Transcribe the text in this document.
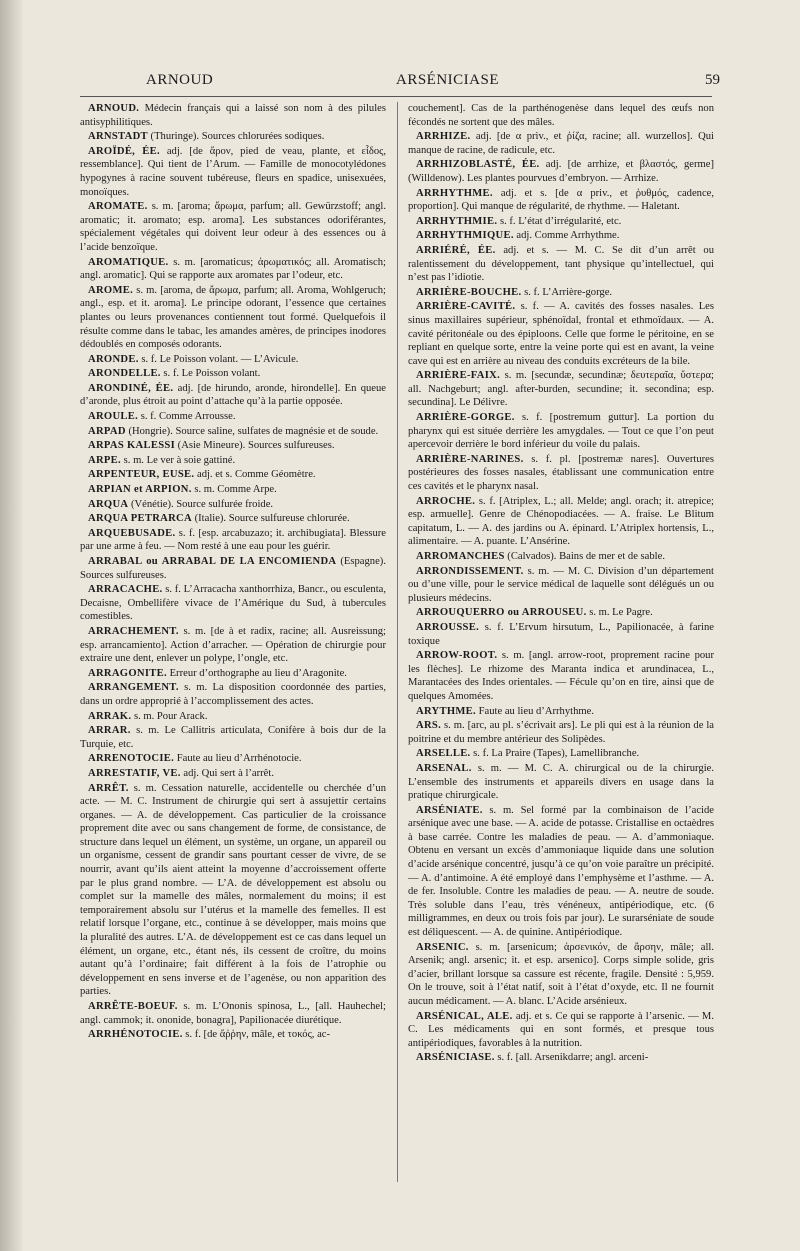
ARNOUD	ARSÉNICIASE	59

ARNOUD. Médecin français qui a laissé son nom à des pilules antisyphilitiques.

ARNSTADT (Thuringe). Sources chlorurées sodiques.

AROÏDÉ, ÉE. adj. [de ἄρον, pied de veau, plante, et εἶδος, ressemblance]. Qui tient de l’Arum. — Famille de monocotylédones hypogynes à racine souvent tubéreuse, fleurs en spadice, unisexuées, monoïques.

AROMATE. s. m. [aroma; ἄρωμα, parfum; all. Gewürzstoff; angl. aromatic; it. aromato; esp. aroma]. Les substances odoriférantes, spécialement végétales qui doivent leur odeur à des essences ou à l’acide benzoïque.

AROMATIQUE. s. m. [aromaticus; ἀρωματικός; all. Aromatisch; angl. aromatic]. Qui se rapporte aux aromates par l’odeur, etc.

AROME. s. m. [aroma, de ἄρωμα, parfum; all. Aroma, Wohlgeruch; angl., esp. et it. aroma]. Le principe odorant, l’essence que certaines plantes ou leurs provenances contiennent tout formé. Quelquefois il résulte comme dans le tabac, les amandes amères, de principes inodores dédoublés en composés odorants.

ARONDE. s. f. Le Poisson volant. — L’Avicule.

ARONDELLE. s. f. Le Poisson volant.

ARONDINÉ, ÉE. adj. [de hirundo, aronde, hirondelle]. En queue d’aronde, plus étroit au point d’attache qu’à la partie opposée.

AROULE. s. f. Comme Arrousse.

ARPAD (Hongrie). Source saline, sulfates de magnésie et de soude.

ARPAS KALESSI (Asie Mineure). Sources sulfureuses.

ARPE. s. m. Le ver à soie gattiné.

ARPENTEUR, EUSE. adj. et s. Comme Géomètre.

ARPIAN et ARPION. s. m. Comme Arpe.

ARQUA (Vénétie). Source sulfurée froide.

ARQUA PETRARCA (Italie). Source sulfureuse chlorurée.

ARQUEBUSADE. s. f. [esp. arcabuzazo; it. archibugiata]. Blessure par une arme à feu. — Nom resté à une eau pour les guérir.

ARRABAL ou ARRABAL DE LA ENCOMIENDA (Espagne). Sources sulfureuses.

ARRACACHE. s. f. L’Arracacha xanthorrhiza, Bancr., ou esculenta, Decaisne, Ombellifère vivace de l’Amérique du Sud, à tubercules comestibles.

ARRACHEMENT. s. m. [de à et radix, racine; all. Ausreissung; esp. arrancamiento]. Action d’arracher. — Opération de chirurgie pour extraire une dent, enlever un polype, l’ongle, etc.

ARRAGONITE. Erreur d’orthographe au lieu d’Aragonite.

ARRANGEMENT. s. m. La disposition coordonnée des parties, dans un ordre approprié à l’accomplissement des actes.

ARRAK. s. m. Pour Arack.

ARRAR. s. m. Le Callitris articulata, Conifère à bois dur de la Turquie, etc.

ARRENOTOCIE. Faute au lieu d’Arrhénotocie.

ARRESTATIF, VE. adj. Qui sert à l’arrêt.

ARRÊT. s. m. Cessation naturelle, accidentelle ou cherchée d’un acte. — M. C. Instrument de chirurgie qui sert à assujettir certains organes. — A. de développement. Cas particulier de la croissance proprement dite avec ou sans changement de forme, de consistance, de structure dans lequel un élément, un système, un organe, un appareil ou un organisme, cessent de grandir sans pourtant cesser de vivre, de se nourrir, avant qu’ils aient atteint la moyenne d’accroissement offerte par le plus grand nombre. — L’A. de développement est absolu ou complet sur la mamelle des mâles, normalement du moins; il est temporairement absolu sur l’utérus et la mamelle des femelles. Il est relatif lorsque l’organe, etc., continue à se développer, mais moins que la pluralité des autres. L’A. de développement est ce cas dans lequel un élément, un organe, etc., étant nés, ils cessent de croître, du moins autant qu’à l’ordinaire; fait différent à la fois de l’atrophie ou développement en sens inverse et de l’agenèse, ou non apparition des parties.

ARRÊTE-BOEUF. s. m. L’Ononis spinosa, L., [all. Hauhechel; angl. cammok; it. ononide, bonagra], Papilionacée diurétique.

ARRHÉNOTOCIE. s. f. [de ἄῤῥην, mâle, et τοκός, ac-

couchement]. Cas de la parthénogenèse dans lequel des œufs non fécondés ne sortent que des mâles.

ARRHIZE. adj. [de α priv., et ῥίζα, racine; all. wurzellos]. Qui manque de racine, de radicule, etc.

ARRHIZOBLASTÉ, ÉE. adj. [de arrhize, et βλαστός, germe] (Willdenow). Les plantes pourvues d’embryon. — Arrhize.

ARRHYTHME. adj. et s. [de α priv., et ῥυθμός, cadence, proportion]. Qui manque de régularité, de rhythme. — Haletant.

ARRHYTHMIE. s. f. L’état d’irrégularité, etc.

ARRHYTHMIQUE. adj. Comme Arrhythme.

ARRIÉRÉ, ÉE. adj. et s. — M. C. Se dit d’un arrêt ou ralentissement du développement, tant physique qu’intellectuel, qui n’est pas l’idiotie.

ARRIÈRE-BOUCHE. s. f. L’Arrière-gorge.

ARRIÈRE-CAVITÉ. s. f. — A. cavités des fosses nasales. Les sinus maxillaires supérieur, sphénoïdal, frontal et ethmoïdaux. — A. cavité péritonéale ou des épiploons. Celle que forme le péritoine, en se repliant en quelque sorte, entre la veine porte qui est en avant, la veine cave qui est en arrière au niveau des conduits excréteurs de la bile.

ARRIÈRE-FAIX. s. m. [secundæ, secundinæ; δευτεραῖα, ὕστερα; all. Nachgeburt; angl. after-burden, secundine; it. secondina; esp. secundina]. Le Délivre.

ARRIÈRE-GORGE. s. f. [postremum guttur]. La portion du pharynx qui est située derrière les amygdales. — Tout ce que l’on peut apercevoir derrière le bord inférieur du voile du palais.

ARRIÈRE-NARINES. s. f. pl. [postremæ nares]. Ouvertures postérieures des fosses nasales, établissant une communication entre ces cavités et le pharynx nasal.

ARROCHE. s. f. [Atriplex, L.; all. Melde; angl. orach; it. atrepice; esp. armuelle]. Genre de Chénopodiacées. — A. fraise. Le Blitum capitatum, L. — A. des jardins ou A. épinard. L’Atriplex hortensis, L., alimentaire. — A. puante. L’Ansérine.

ARROMANCHES (Calvados). Bains de mer et de sable.

ARRONDISSEMENT. s. m. — M. C. Division d’un département ou d’une ville, pour le service médical de laquelle sont délégués un ou plusieurs médecins.

ARROUQUERRO ou ARROUSEU. s. m. Le Pagre.

ARROUSSE. s. f. L’Ervum hirsutum, L., Papilionacée, à farine toxique

ARROW-ROOT. s. m. [angl. arrow-root, proprement racine pour les flèches]. Le rhizome des Maranta indica et arundinacea, L., Marantacées des Indes orientales. — Fécule qu’on en tire, ainsi que de quelques Amomées.

ARYTHME. Faute au lieu d’Arrhythme.

ARS. s. m. [arc, au pl. s’écrivait ars]. Le pli qui est à la réunion de la poitrine et du membre antérieur des Solipèdes.

ARSELLE. s. f. La Praire (Tapes), Lamellibranche.

ARSENAL. s. m. — M. C. A. chirurgical ou de la chirurgie. L’ensemble des instruments et appareils divers en usage dans la pratique chirurgicale.

ARSÉNIATE. s. m. Sel formé par la combinaison de l’acide arsénique avec une base. — A. acide de potasse. Cristallise en octaèdres à base carrée. Contre les maladies de peau. — A. d’ammoniaque. Obtenu en versant un excès d’ammoniaque liquide dans une solution d’acide arsénique concentré, jusqu’à ce qu’on voie paraître un précipité. — A. d’antimoine. A été employé dans l’emphysème et l’asthme. — A. de fer. Insoluble. Contre les maladies de peau. — A. neutre de soude. Très soluble dans l’eau, très vénéneux, antipériodique, etc. (6 milligrammes, en deux ou trois fois par jour). Le surarséniate de soude est déliquescent. — A. de quinine. Antipériodique.

ARSENIC. s. m. [arsenicum; ἀρσενικόν, de ἄρσην, mâle; all. Arsenik; angl. arsenic; it. et esp. arsenico]. Corps simple solide, gris d’acier, brillant lorsque sa cassure est récente, fragile. Densité : 5,959. On le trouve, soit à l’état natif, soit à l’état d’oxyde, etc. Il ne fournit aucun médicament. — A. blanc. L’Acide arsénieux.

ARSÉNICAL, ALE. adj. et s. Ce qui se rapporte à l’arsenic. — M. C. Les médicaments qui en sont formés, et presque tous antipériodiques, favorables à la nutrition.

ARSÉNICIASE. s. f. [all. Arsenikdarre; angl. arceni-
